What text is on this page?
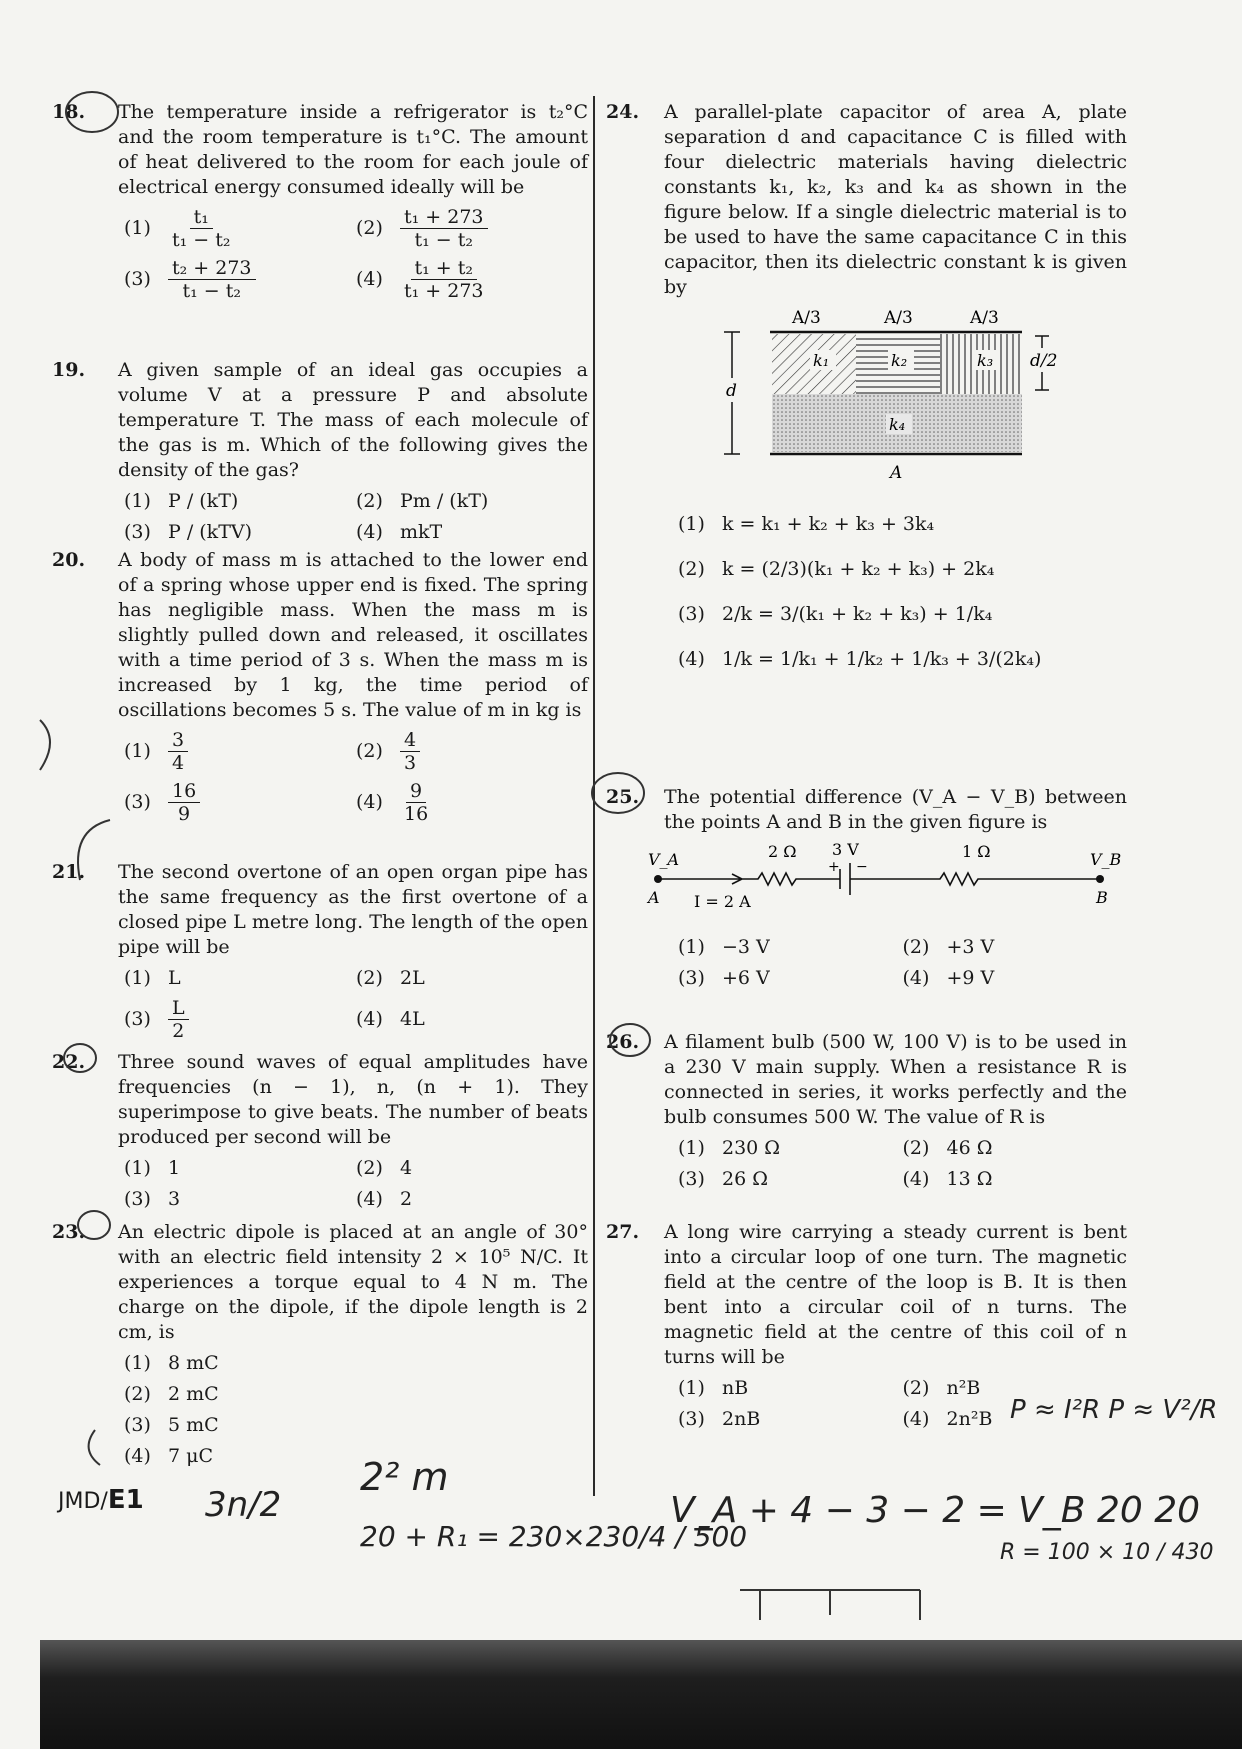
18. The temperature inside a refrigerator is t₂°C and the room temperature is t₁°C. The amount of heat delivered to the room for each joule of electrical energy consumed ideally will be
$(1) \frac{\text{t₁}}{\text{t₁ − t₂}}$	$(2) \frac{\text{t₁ + 273}}{\text{t₁ − t₂}}$
$(3) \frac{\text{t₂ + 273}}{\text{t₁ − t₂}}$	$(4) \frac{\text{t₁ + t₂}}{\text{t₁ + 273}}$
19. A given sample of an ideal gas occupies a volume V at a pressure P and absolute temperature T. The mass of each molecule of the gas is m. Which of the following gives the density of the gas?
(1) P / (kT)	(2) Pm / (kT)
(3) P / (kTV)	(4) mkT
20. A body of mass m is attached to the lower end of a spring whose upper end is fixed. The spring has negligible mass. When the mass m is slightly pulled down and released, it oscillates with a time period of 3 s. When the mass m is increased by 1 kg, the time period of oscillations becomes 5 s. The value of m in kg is
$(1) \frac{3}{4}$	$(2) \frac{4}{3}$
$(3) \frac{16}{9}$	$(4) \frac{9}{16}$
21. The second overtone of an open organ pipe has the same frequency as the first overtone of a closed pipe L metre long. The length of the open pipe will be
(1) L	(2) 2L
$(3) \frac{L}{2}$	(4) 4L
22. Three sound waves of equal amplitudes have frequencies (n − 1), n, (n + 1). They superimpose to give beats. The number of beats produced per second will be
(1) 1	(2) 4
(3) 3	(4) 2
23. An electric dipole is placed at an angle of 30° with an electric field intensity 2 × 10⁵ N/C. It experiences a torque equal to 4 N m. The charge on the dipole, if the dipole length is 2 cm, is
(1) 8 mC
(2) 2 mC
(3) 5 mC
(4) 7 μC
24. A parallel-plate capacitor of area A, plate separation d and capacitance C is filled with four dielectric materials having dielectric constants k₁, k₂, k₃ and k₄ as shown in the figure below. If a single dielectric material is to be used to have the same capacitance C in this capacitor, then its dielectric constant k is given by
A/3	A/3	A/3
k₁	k₂	k₃
k₄
d
d/2
A
(1) k = k₁ + k₂ + k₃ + 3k₄
(2) k = (2/3)(k₁ + k₂ + k₃) + 2k₄
(3) 2/k = 3/(k₁ + k₂ + k₃) + 1/k₄
(4) 1/k = 1/k₁ + 1/k₂ + 1/k₃ + 3/(2k₄)
25. The potential difference (V_A − V_B) between the points A and B in the given figure is
V_A	V_B
A	B
2 Ω 3 V
+ −
1 Ω
I = 2 A
(1) −3 V	(2) +3 V
(3) +6 V	(4) +9 V
26. A filament bulb (500 W, 100 V) is to be used in a 230 V main supply. When a resistance R is connected in series, it works perfectly and the bulb consumes 500 W. The value of R is
(1) 230 Ω	(2) 46 Ω
(3) 26 Ω	(4) 13 Ω
27. A long wire carrying a steady current is bent into a circular loop of one turn. The magnetic field at the centre of the loop is B. It is then bent into a circular coil of n turns. The magnetic field at the centre of this coil of n turns will be
(1) nB	(2) n²B
(3) 2nB	(4) 2n²B
JMD/E1 3n/2
2² m
20 + R₁ = 230×230/4 / 500
V_A + 4 − 3 − 2 = V_B 20 20
R = 100 × 10 / 430
P ≈ I²R P ≈ V²/R
